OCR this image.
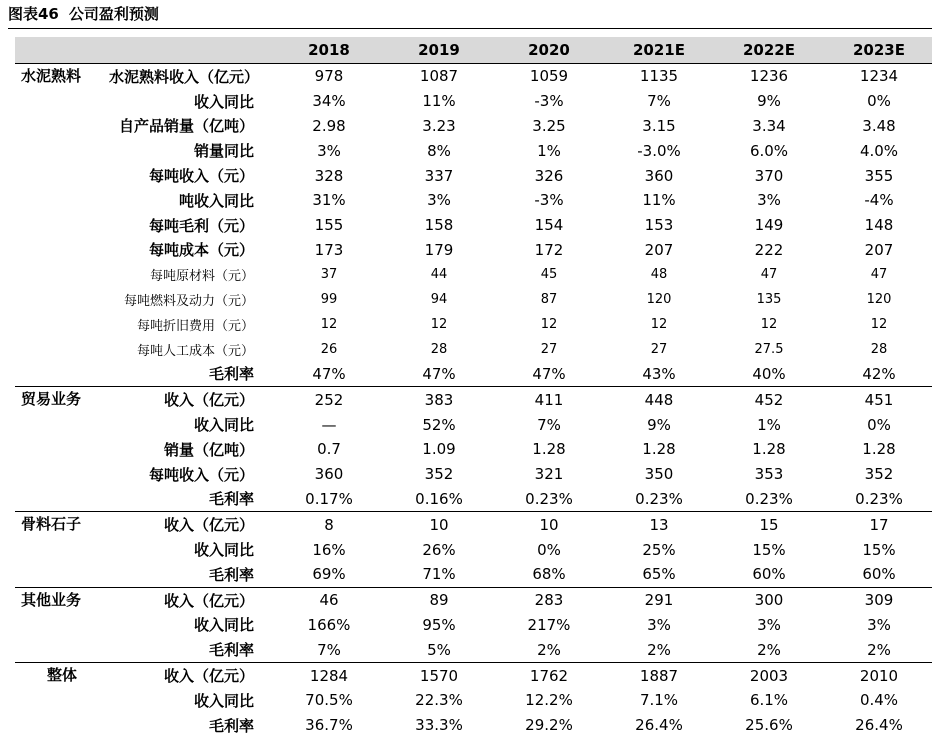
图表46 公司盈利预测
		2018	2019	2020	2021E	2022E	2023E
水泥熟料	水泥熟料收入（亿元）	978	1087	1059	1135	1236	1234
	收入同比	34%	11%	-3%	7%	9%	0%
	自产品销量（亿吨）	2.98	3.23	3.25	3.15	3.34	3.48
	销量同比	3%	8%	1%	-3.0%	6.0%	4.0%
	每吨收入（元）	328	337	326	360	370	355
	吨收入同比	31%	3%	-3%	11%	3%	-4%
	每吨毛利（元）	155	158	154	153	149	148
	每吨成本（元）	173	179	172	207	222	207
	每吨原材料（元）	37	44	45	48	47	47
	每吨燃料及动力（元）	99	94	87	120	135	120
	每吨折旧费用（元）	12	12	12	12	12	12
	每吨人工成本（元）	26	28	27	27	27.5	28
	毛利率	47%	47%	47%	43%	40%	42%
贸易业务	收入（亿元）	252	383	411	448	452	451
	收入同比	—	52%	7%	9%	1%	0%
	销量（亿吨）	0.7	1.09	1.28	1.28	1.28	1.28
	每吨收入（元）	360	352	321	350	353	352
	毛利率	0.17%	0.16%	0.23%	0.23%	0.23%	0.23%
骨料石子	收入（亿元）	8	10	10	13	15	17
	收入同比	16%	26%	0%	25%	15%	15%
	毛利率	69%	71%	68%	65%	60%	60%
其他业务	收入（亿元）	46	89	283	291	300	309
	收入同比	166%	95%	217%	3%	3%	3%
	毛利率	7%	5%	2%	2%	2%	2%
整体	收入（亿元）	1284	1570	1762	1887	2003	2010
	收入同比	70.5%	22.3%	12.2%	7.1%	6.1%	0.4%
	毛利率	36.7%	33.3%	29.2%	26.4%	25.6%	26.4%
